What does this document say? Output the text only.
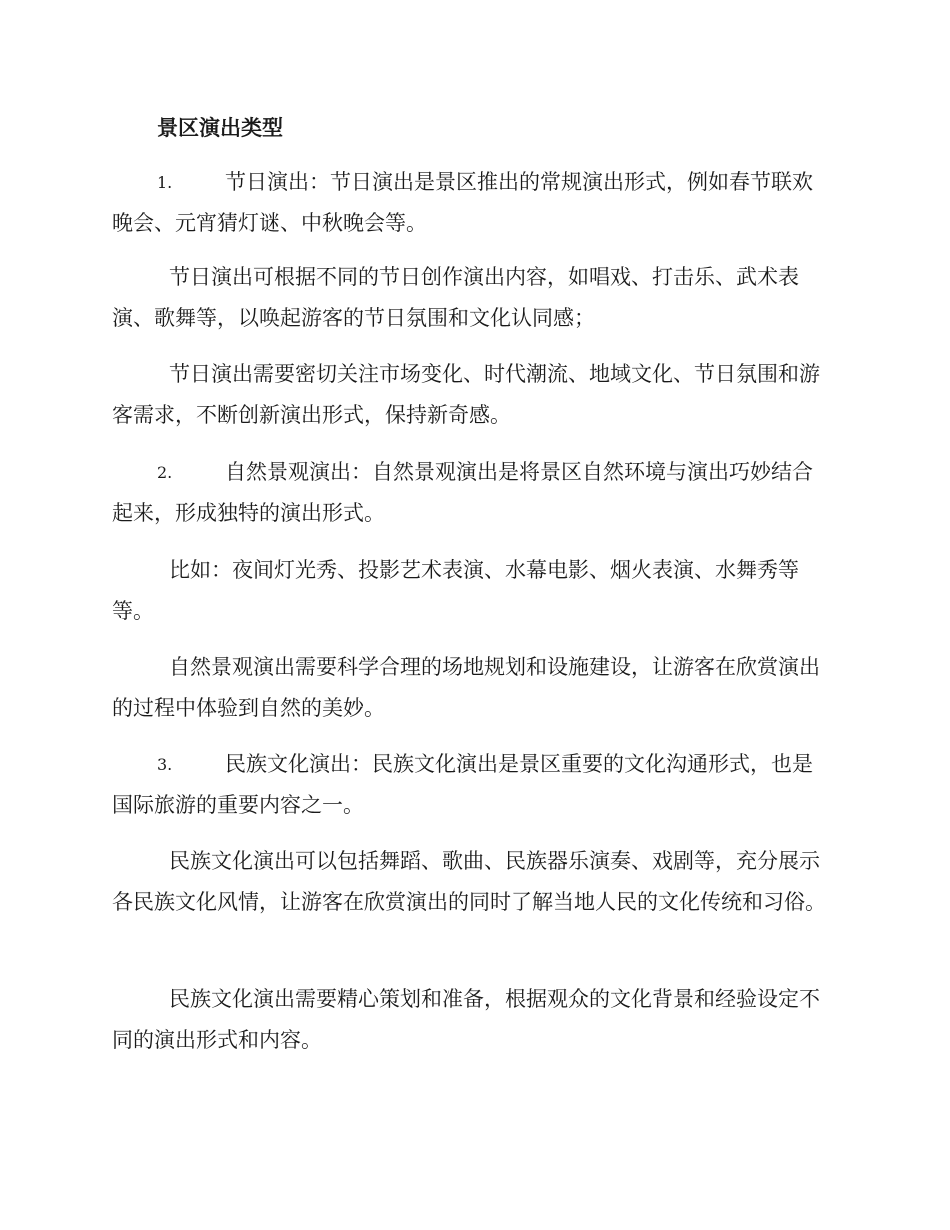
景区演出类型
1.	节日演出：节日演出是景区推出的常规演出形式，例如春节联欢
晚会、元宵猜灯谜、中秋晚会等。

节日演出可根据不同的节日创作演出内容，如唱戏、打击乐、武术表演、歌舞等，以唤起游客的节日氛围和文化认同感；

节日演出需要密切关注市场变化、时代潮流、地域文化、节日氛围和游客需求，不断创新演出形式，保持新奇感。

2.	自然景观演出：自然景观演出是将景区自然环境与演出巧妙结合
起来，形成独特的演出形式。

比如：夜间灯光秀、投影艺术表演、水幕电影、烟火表演、水舞秀等等。

自然景观演出需要科学合理的场地规划和设施建设，让游客在欣赏演出的过程中体验到自然的美妙。

3.	民族文化演出：民族文化演出是景区重要的文化沟通形式，也是
国际旅游的重要内容之一。

民族文化演出可以包括舞蹈、歌曲、民族器乐演奏、戏剧等，充分展示各民族文化风情，让游客在欣赏演出的同时了解当地人民的文化传统和习俗。

民族文化演出需要精心策划和准备，根据观众的文化背景和经验设定不同的演出形式和内容。
